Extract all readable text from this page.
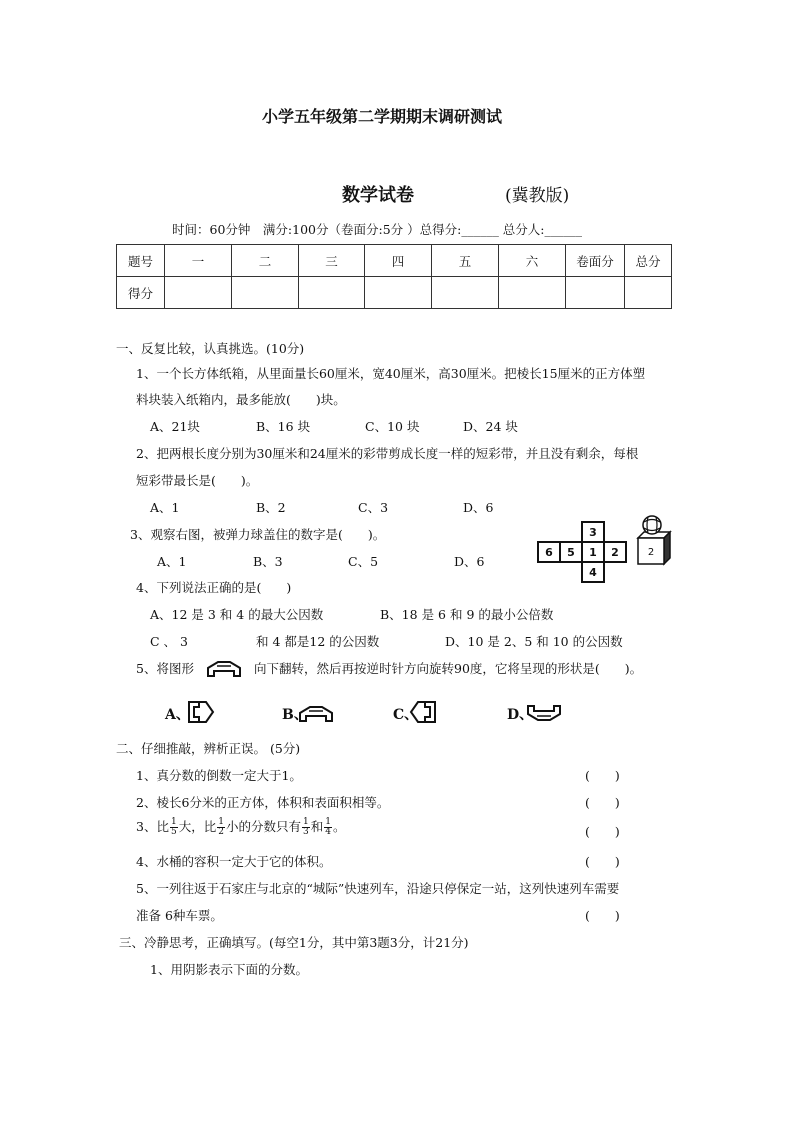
小学五年级第二学期期末调研测试
数学试卷	(冀教版)
时间：60分钟　满分:100分（卷面分:5分 ）总得分:______ 总分人:______
题号	一	二	三	四	五	六	卷面分	总分
得分								
一、反复比较，认真挑选。(10分)
1、一个长方体纸箱，从里面量长60厘米，宽40厘米，高30厘米。把棱长15厘米的正方体塑
料块装入纸箱内，最多能放(　　)块。
A、21块	B、16 块	C、10 块	D、24 块
2、把两根长度分别为30厘米和24厘米的彩带剪成长度一样的短彩带，并且没有剩余，每根
短彩带最长是(　　)。
A、1	B、2	C、3	D、6
3、观察右图，被弹力球盖住的数字是(　　)。
A、1	B、3	C、5	D、6
3
6 5 1 2
4
2
4、下列说法正确的是(　　)
A、12 是 3 和 4 的最大公因数	B、18 是 6 和 9 的最小公倍数
C 、 3	和 4 都是12 的公因数	D、10 是 2、5 和 10 的公因数
5、将图形	向下翻转，然后再按逆时针方向旋转90度，它将呈现的形状是(　　)。
A、	B、	C、	D、
二、仔细推敲，辨析正误。 (5分)
1、真分数的倒数一定大于1。	(　　)
2、棱长6分米的正方体，体积和表面积相等。	(　　)
3、比 $\frac{1}{5}$ 大，比 $\frac{1}{2}$ 小的分数只有 $\frac{1}{3}$ 和 $\frac{1}{4}$ 。	(　　)
4、水桶的容积一定大于它的体积。	(　　)
5、一列往返于石家庄与北京的“城际”快速列车，沿途只停保定一站，这列快速列车需要
准备 6种车票。	(　　)
三、冷静思考，正确填写。(每空1分，其中第3题3分，计21分)
1、用阴影表示下面的分数。
